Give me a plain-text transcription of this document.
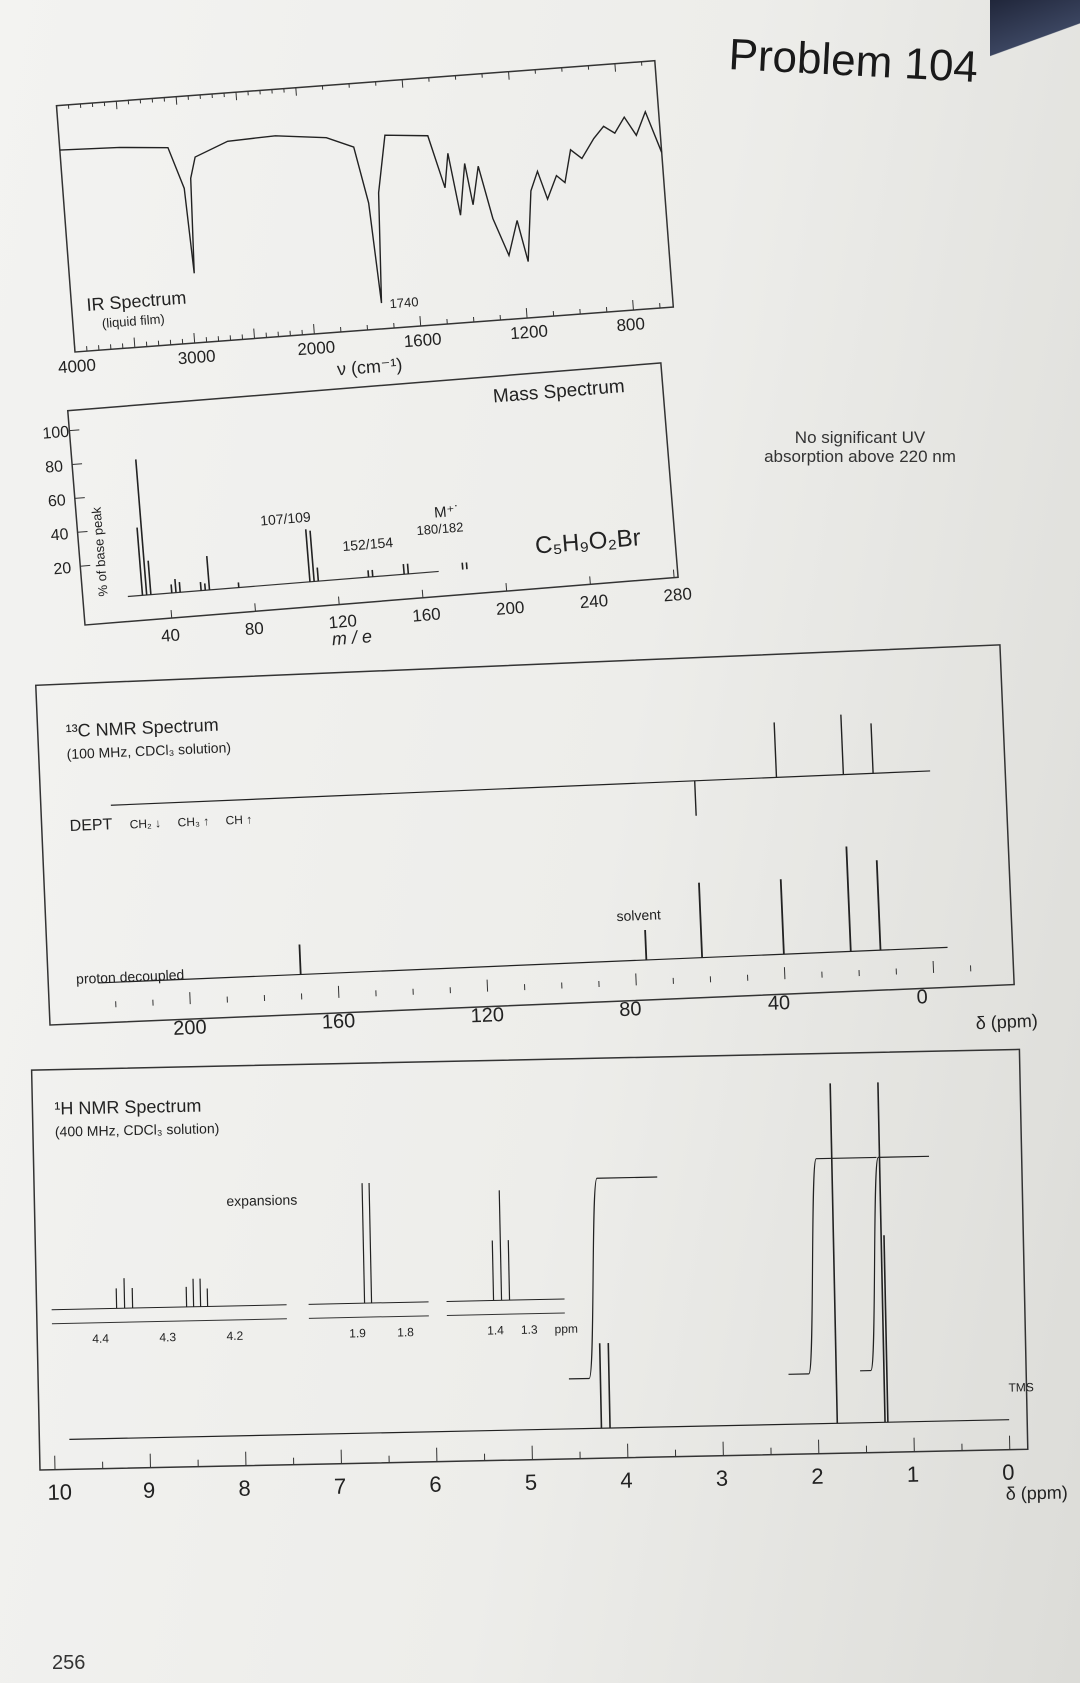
Problem 104
No significant UV absorption above 220 nm
256
IR Spectrum
(liquid film)
1740
4000	3000	2000	1600	1200	800
ν (cm⁻¹)
Mass Spectrum
20
40
60
80
100
40	80	120	160	200	240	280
% of base peak
m / e
C₅H₉O₂Br
107/109
152/154
M⁺˙
180/182
¹³C NMR Spectrum
(100 MHz, CDCl₃ solution)
DEPT CH₂ ↓ CH₃ ↑ CH ↑
proton decoupled
solvent
200	160	120	80	40	0
δ (ppm)
¹H NMR Spectrum
(400 MHz, CDCl₃ solution)
expansions
4.4	4.3	4.2	1.9	1.8	1.4 1.3 ppm
TMS
10	9	8	7	6	5	4	3	2	1	0
δ (ppm)
